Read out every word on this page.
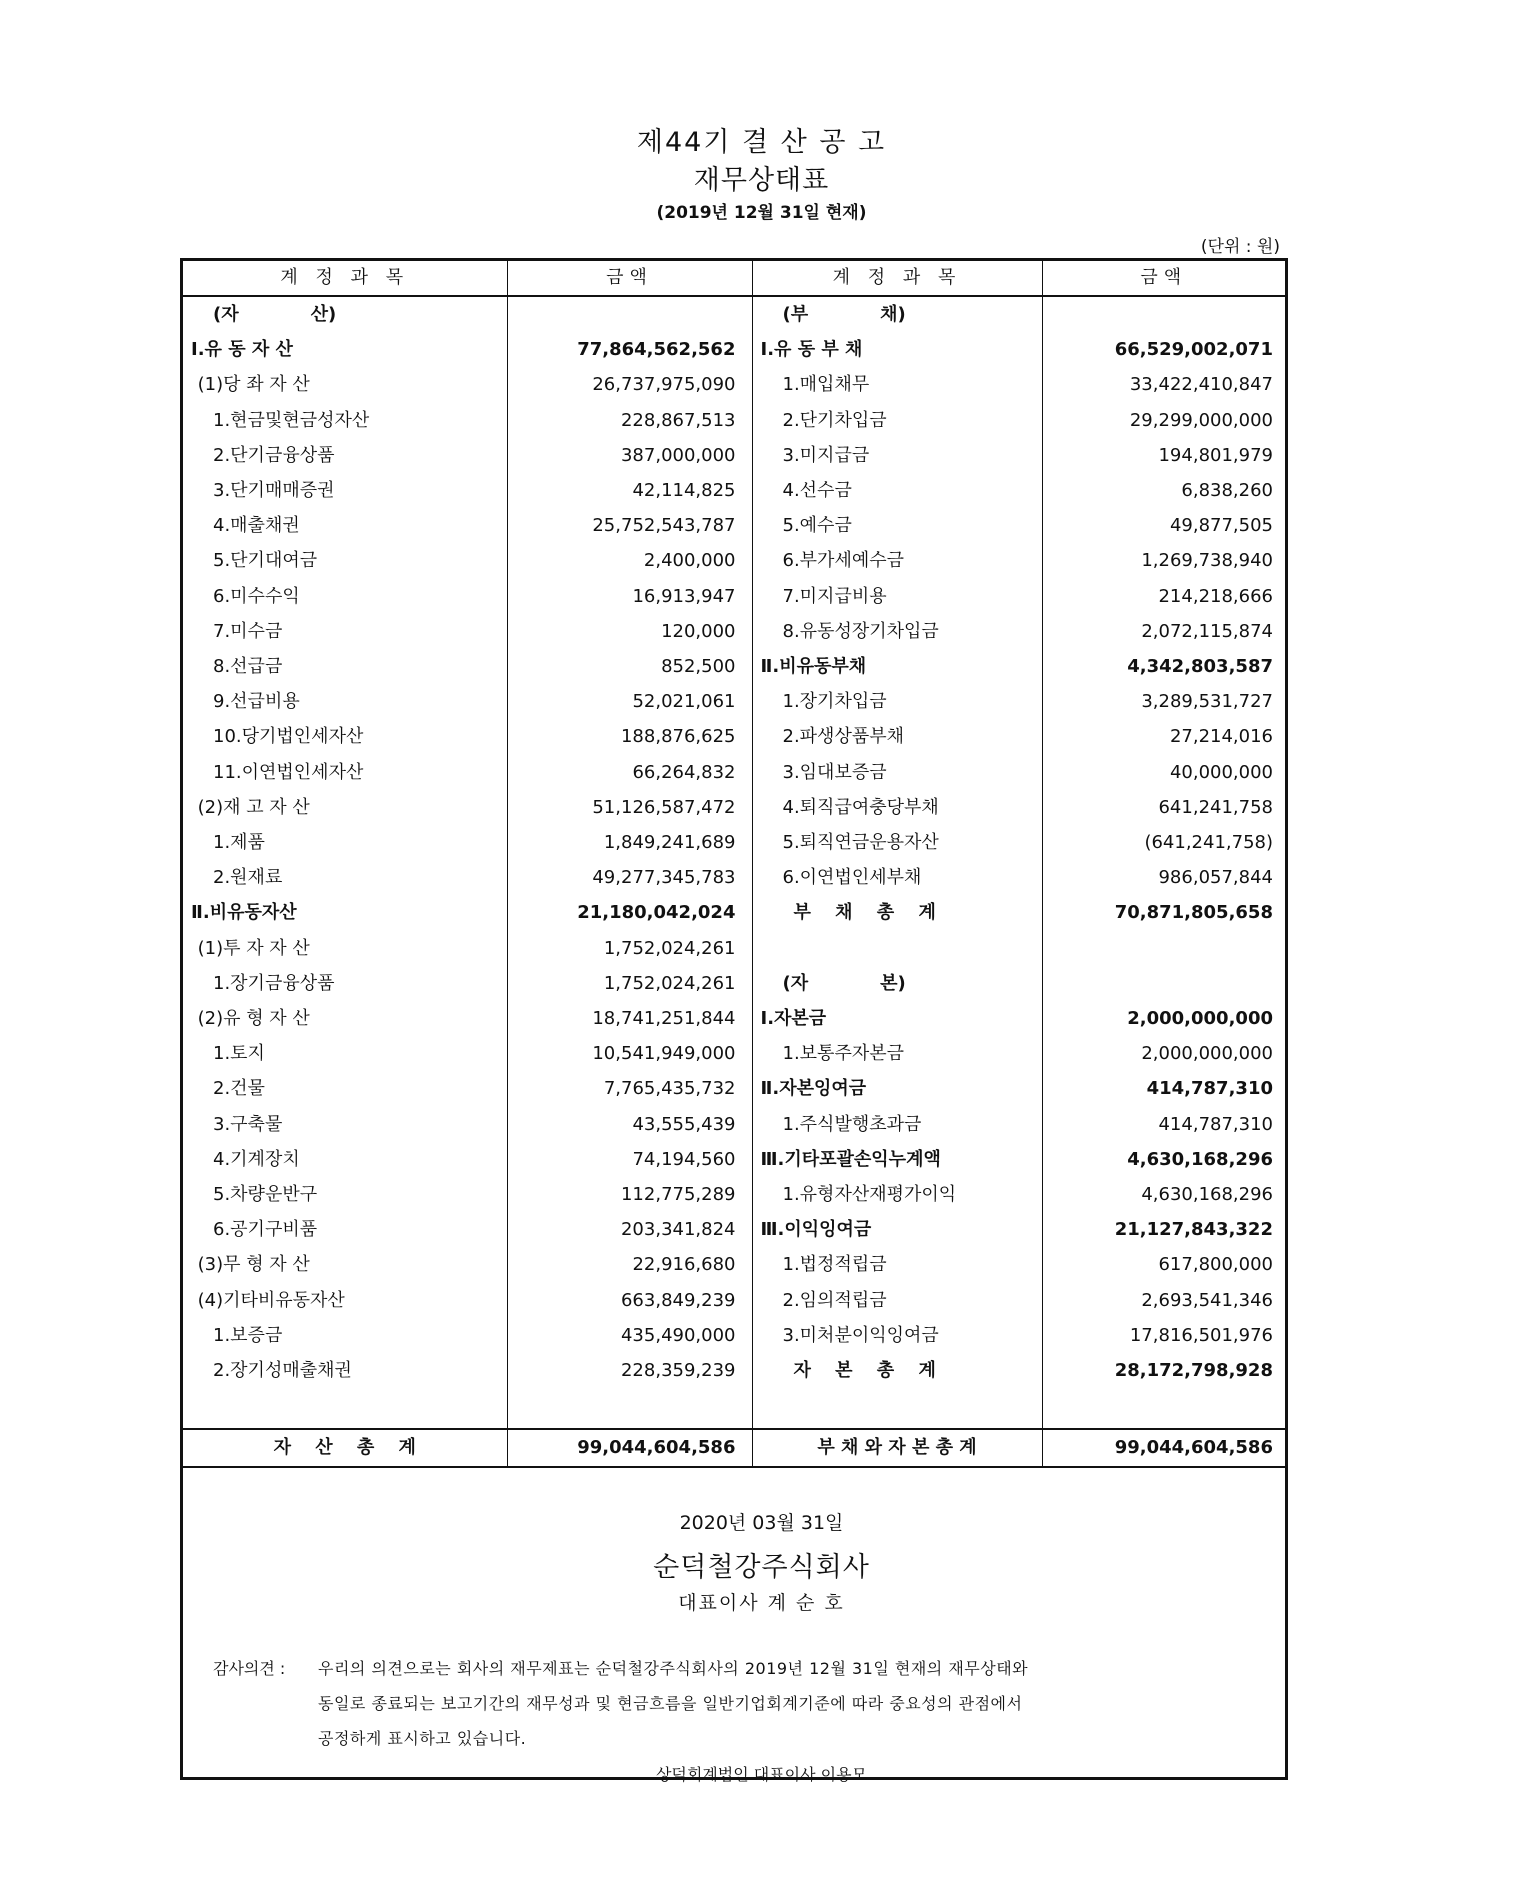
제44기 결 산 공 고
재무상태표
(2019년 12월 31일 현재)
(단위 : 원)
계 정 과 목	금액	계 정 과 목	금액
(자　　　　산)		(부　　　　채)	
Ⅰ.유 동 자 산	77,864,562,562	Ⅰ.유 동 부 채	66,529,002,071
(1)당 좌 자 산	26,737,975,090	1.매입채무	33,422,410,847
1.현금및현금성자산	228,867,513	2.단기차입금	29,299,000,000
2.단기금융상품	387,000,000	3.미지급금	194,801,979
3.단기매매증권	42,114,825	4.선수금	6,838,260
4.매출채권	25,752,543,787	5.예수금	49,877,505
5.단기대여금	2,400,000	6.부가세예수금	1,269,738,940
6.미수수익	16,913,947	7.미지급비용	214,218,666
7.미수금	120,000	8.유동성장기차입금	2,072,115,874
8.선급금	852,500	Ⅱ.비유동부채	4,342,803,587
9.선급비용	52,021,061	1.장기차입금	3,289,531,727
10.당기법인세자산	188,876,625	2.파생상품부채	27,214,016
11.이연법인세자산	66,264,832	3.임대보증금	40,000,000
(2)재 고 자 산	51,126,587,472	4.퇴직급여충당부채	641,241,758
1.제품	1,849,241,689	5.퇴직연금운용자산	(641,241,758)
2.원재료	49,277,345,783	6.이연법인세부채	986,057,844
Ⅱ.비유동자산	21,180,042,024	부　 채　 총　 계	70,871,805,658
(1)투 자 자 산	1,752,024,261		
1.장기금융상품	1,752,024,261	(자　　　　본)	
(2)유 형 자 산	18,741,251,844	Ⅰ.자본금	2,000,000,000
1.토지	10,541,949,000	1.보통주자본금	2,000,000,000
2.건물	7,765,435,732	Ⅱ.자본잉여금	414,787,310
3.구축물	43,555,439	1.주식발행초과금	414,787,310
4.기계장치	74,194,560	Ⅲ.기타포괄손익누계액	4,630,168,296
5.차량운반구	112,775,289	1.유형자산재평가이익	4,630,168,296
6.공기구비품	203,341,824	Ⅲ.이익잉여금	21,127,843,322
(3)무 형 자 산	22,916,680	1.법정적립금	617,800,000
(4)기타비유동자산	663,849,239	2.임의적립금	2,693,541,346
1.보증금	435,490,000	3.미처분이익잉여금	17,816,501,976
2.장기성매출채권	228,359,239	자　 본　 총　 계	28,172,798,928

자　 산　 총　 계	99,044,604,586	부 채 와 자 본 총 계	99,044,604,586
2020년 03월 31일
순덕철강주식회사
대표이사 계 순 호
감사의견 : 우리의 의견으로는 회사의 재무제표는 순덕철강주식회사의 2019년 12월 31일 현재의 재무상태와
동일로 종료되는 보고기간의 재무성과 및 현금흐름을 일반기업회계기준에 따라 중요성의 관점에서
공정하게 표시하고 있습니다.
상덕회계법인 대표이사 이용모
